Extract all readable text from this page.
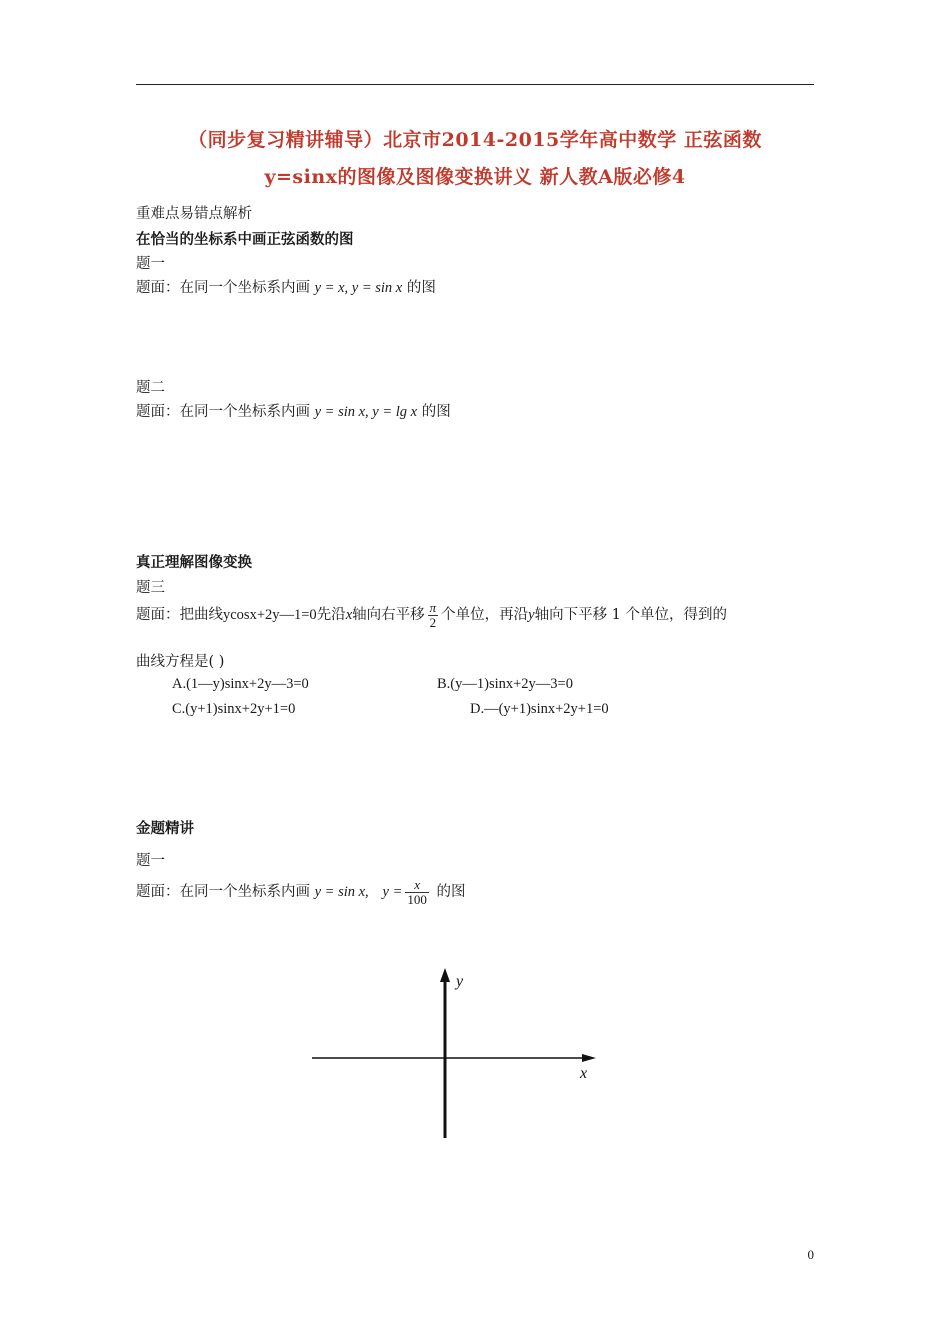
（同步复习精讲辅导）北京市2014-2015学年高中数学 正弦函数
y=sinx的图像及图像变换讲义 新人教A版必修4
重难点易错点解析
在恰当的坐标系中画正弦函数的图
题一
题面：在同一个坐标系内画 y = x, y = sin x 的图
题二
题面：在同一个坐标系内画 y = sin x, y = lg x 的图
真正理解图像变换
题三
题面：把曲线ycosx+2y—1=0先沿x轴向右平移 $\frac{\pi}{2}$ 个单位，再沿y轴向下平移 1 个单位，得到的
曲线方程是( )
A.(1—y)sinx+2y—3=0	B.(y—1)sinx+2y—3=0
C.(y+1)sinx+2y+1=0	D.—(y+1)sinx+2y+1=0
金题精讲
题一
题面：在同一个坐标系内画 y = sin x, $y = \frac{x}{100}$ 的图
y
x
0
